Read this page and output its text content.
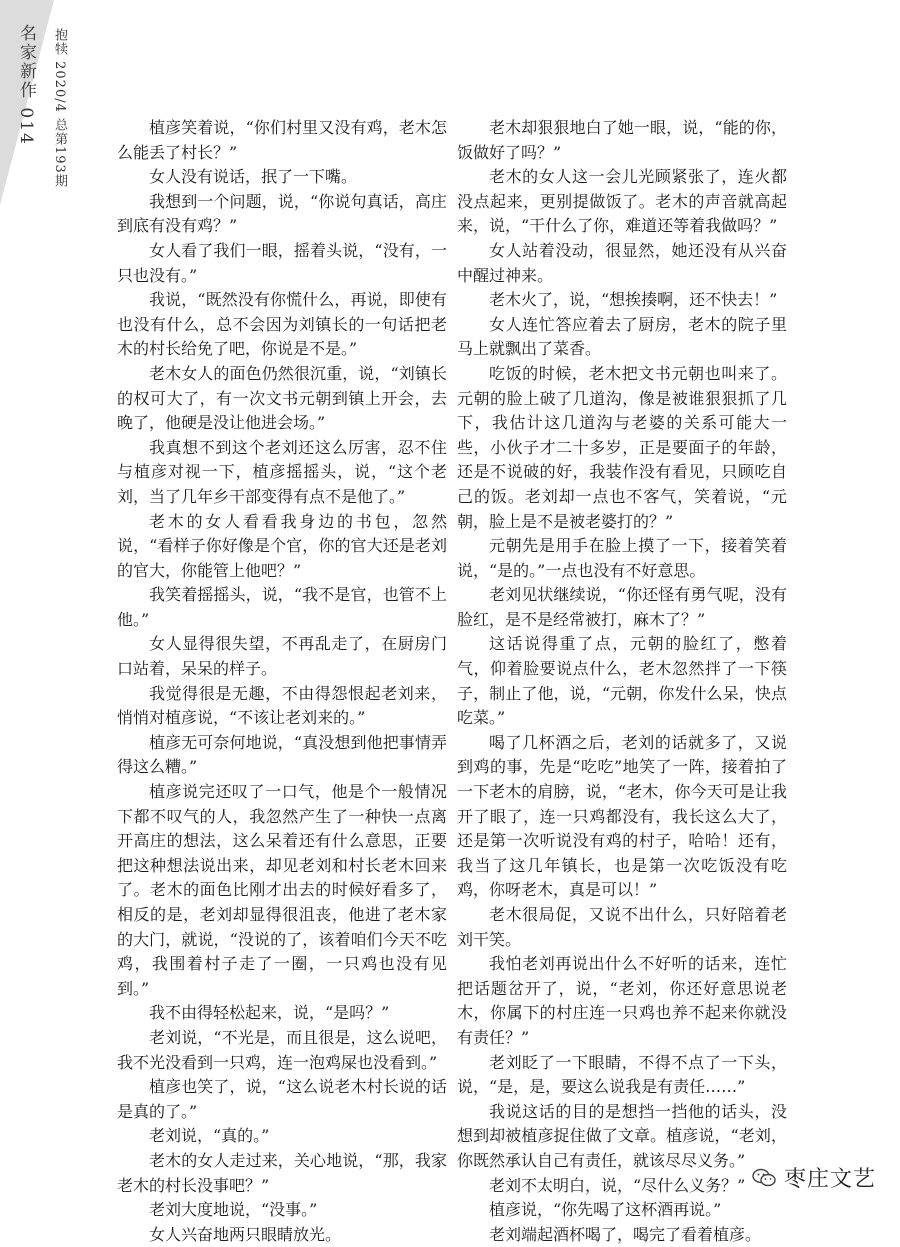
名家新作 014 抱犊 2020/4 总第193期	植彦笑着说，“你们村里又没有鸡，老木怎么能丢了村长？”

女人没有说话，抿了一下嘴。

我想到一个问题，说，“你说句真话，高庄到底有没有鸡？”

女人看了我们一眼，摇着头说，“没有，一只也没有。”

我说，“既然没有你慌什么，再说，即使有也没有什么，总不会因为刘镇长的一句话把老木的村长给免了吧，你说是不是。”

老木女人的面色仍然很沉重，说，“刘镇长的权可大了，有一次文书元朝到镇上开会，去晚了，他硬是没让他进会场。”

我真想不到这个老刘还这么厉害，忍不住与植彦对视一下，植彦摇摇头，说，“这个老刘，当了几年乡干部变得有点不是他了。”

老木的女人看看我身边的书包，忽然说，“看样子你好像是个官，你的官大还是老刘的官大，你能管上他吧？”

我笑着摇摇头，说，“我不是官，也管不上他。”

女人显得很失望，不再乱走了，在厨房门口站着，呆呆的样子。

我觉得很是无趣，不由得怨恨起老刘来，悄悄对植彦说，“不该让老刘来的。”

植彦无可奈何地说，“真没想到他把事情弄得这么糟。”

植彦说完还叹了一口气，他是个一般情况下都不叹气的人，我忽然产生了一种快一点离开高庄的想法，这么呆着还有什么意思，正要把这种想法说出来，却见老刘和村长老木回来了。老木的面色比刚才出去的时候好看多了，相反的是，老刘却显得很沮丧，他进了老木家的大门，就说，“没说的了，该着咱们今天不吃鸡，我围着村子走了一圈，一只鸡也没有见到。”

我不由得轻松起来，说，“是吗？”

老刘说，“不光是，而且很是，这么说吧，我不光没看到一只鸡，连一泡鸡屎也没看到。”

植彦也笑了，说，“这么说老木村长说的话是真的了。”

老刘说，“真的。”

老木的女人走过来，关心地说，“那，我家老木的村长没事吧？”

老刘大度地说，“没事。”

女人兴奋地两只眼睛放光。

老木却狠狠地白了她一眼，说，“能的你，饭做好了吗？”

老木的女人这一会儿光顾紧张了，连火都没点起来，更别提做饭了。老木的声音就高起来，说，“干什么了你，难道还等着我做吗？”

女人站着没动，很显然，她还没有从兴奋中醒过神来。

老木火了，说，“想挨揍啊，还不快去！”

女人连忙答应着去了厨房，老木的院子里马上就飘出了菜香。

吃饭的时候，老木把文书元朝也叫来了。元朝的脸上破了几道沟，像是被谁狠狠抓了几下，我估计这几道沟与老婆的关系可能大一些，小伙子才二十多岁，正是要面子的年龄，还是不说破的好，我装作没有看见，只顾吃自己的饭。老刘却一点也不客气，笑着说，“元朝，脸上是不是被老婆打的？”

元朝先是用手在脸上摸了一下，接着笑着说，“是的。”一点也没有不好意思。

老刘见状继续说，“你还怪有勇气呢，没有脸红，是不是经常被打，麻木了？”

这话说得重了点，元朝的脸红了，憋着气，仰着脸要说点什么，老木忽然拌了一下筷子，制止了他，说，“元朝，你发什么呆，快点吃菜。”

喝了几杯酒之后，老刘的话就多了，又说到鸡的事，先是“吃吃”地笑了一阵，接着拍了一下老木的肩膀，说，“老木，你今天可是让我开了眼了，连一只鸡都没有，我长这么大了，还是第一次听说没有鸡的村子，哈哈！还有，我当了这几年镇长，也是第一次吃饭没有吃鸡，你呀老木，真是可以！”

老木很局促，又说不出什么，只好陪着老刘干笑。

我怕老刘再说出什么不好听的话来，连忙把话题岔开了，说，“老刘，你还好意思说老木，你属下的村庄连一只鸡也养不起来你就没有责任？”

老刘眨了一下眼睛，不得不点了一下头，说，“是，是，要这么说我是有责任……”

我说这话的目的是想挡一挡他的话头，没想到却被植彦捉住做了文章。植彦说，“老刘，你既然承认自己有责任，就该尽尽义务。”

老刘不太明白，说，“尽什么义务？”

植彦说，“你先喝了这杯酒再说。”

老刘端起酒杯喝了，喝完了看着植彦。

枣庄文艺
